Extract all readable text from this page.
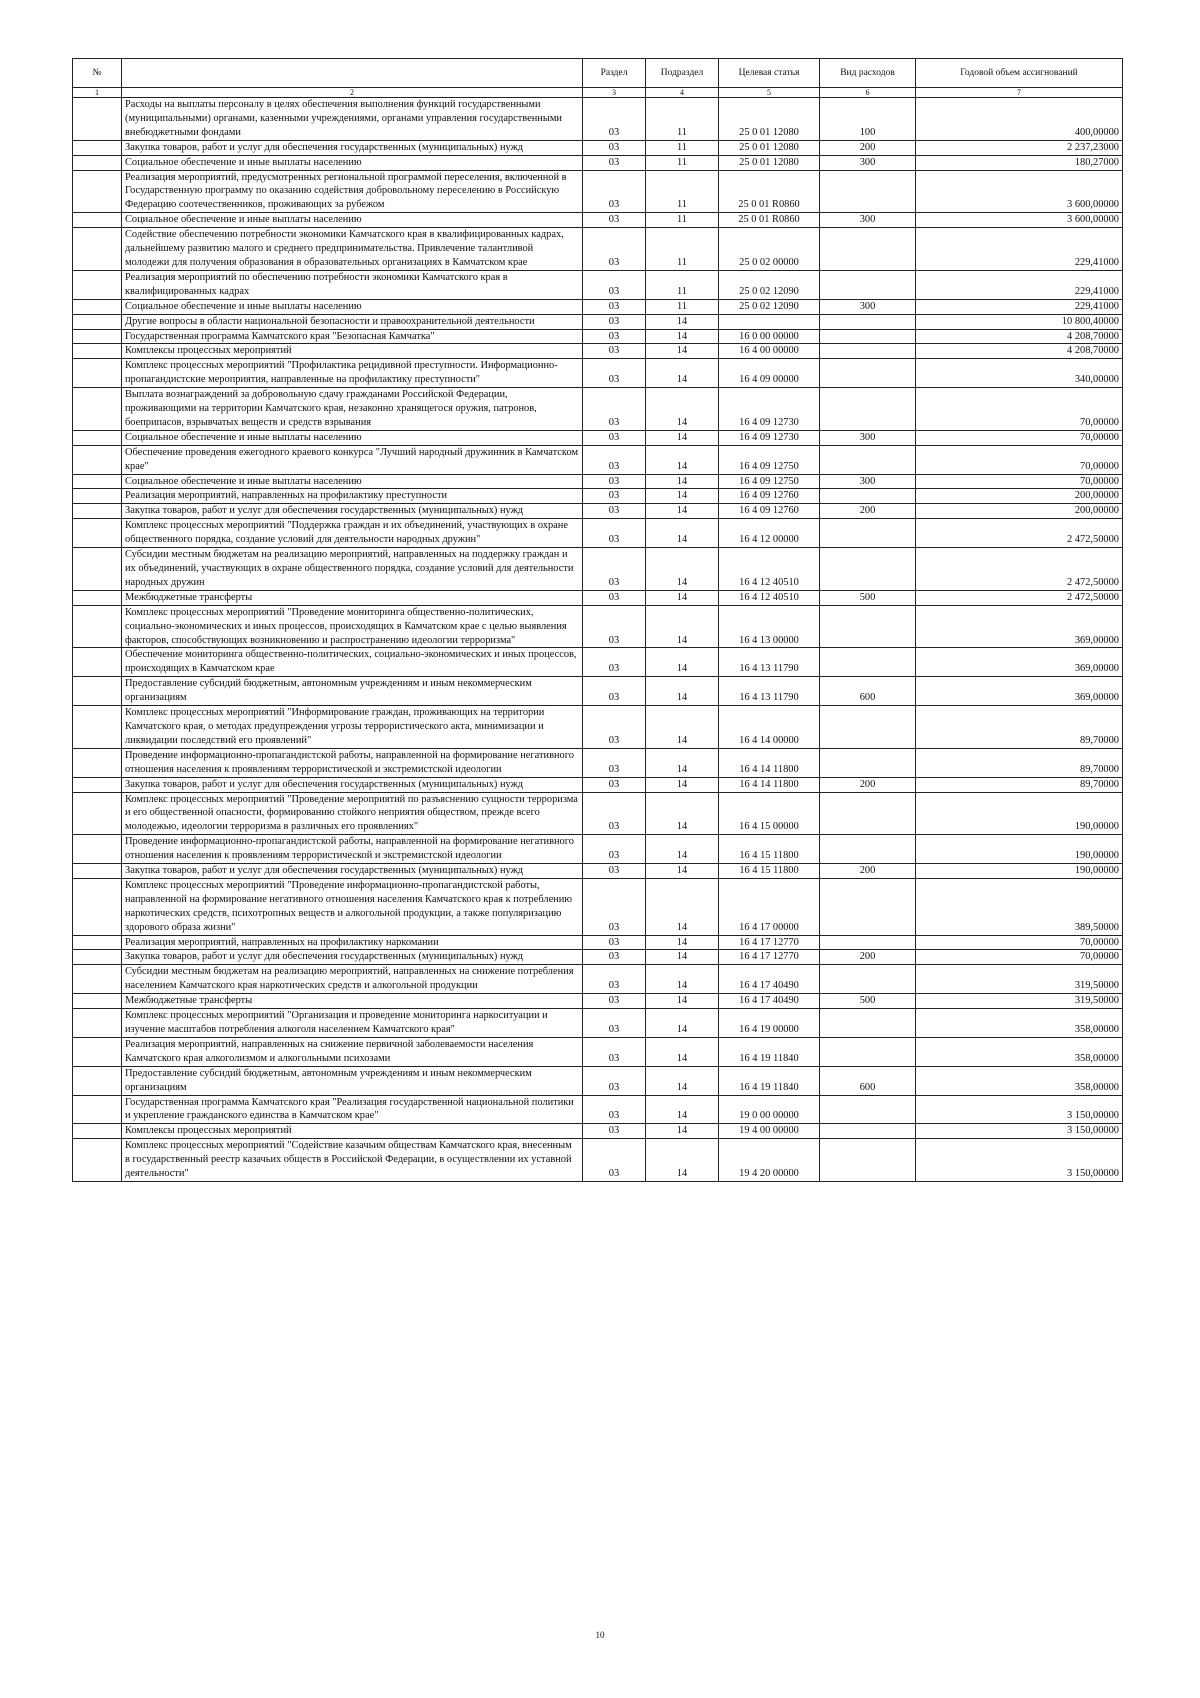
№		Раздел	Подраздел	Целевая статья	Вид расходов	Годовой объем ассигнований
1	2	3	4	5	6	7
	Расходы на выплаты персоналу в целях обеспечения выполнения функций государственными (муниципальными) органами, казенными учреждениями, органами управления государственными внебюджетными фондами	03	11	25 0 01 12080	100	400,00000
	Закупка товаров, работ и услуг для обеспечения государственных (муниципальных) нужд	03	11	25 0 01 12080	200	2 237,23000
	Социальное обеспечение и иные выплаты населению	03	11	25 0 01 12080	300	180,27000
	Реализация мероприятий, предусмотренных региональной программой переселения, включенной в Государственную программу по оказанию содействия добровольному переселению в Российскую Федерацию соотечественников, проживающих за рубежом	03	11	25 0 01 R0860		3 600,00000
	Социальное обеспечение и иные выплаты населению	03	11	25 0 01 R0860	300	3 600,00000
	Содействие обеспечению потребности экономики Камчатского края в квалифицированных кадрах, дальнейшему развитию малого и среднего предпринимательства. Привлечение талантливой молодежи для получения образования в образовательных организациях в Камчатском крае	03	11	25 0 02 00000		229,41000
	Реализация мероприятий по обеспечению потребности экономики Камчатского края в квалифицированных кадрах	03	11	25 0 02 12090		229,41000
	Социальное обеспечение и иные выплаты населению	03	11	25 0 02 12090	300	229,41000
	Другие вопросы в области национальной безопасности и правоохранительной деятельности	03	14			10 800,40000
	Государственная программа Камчатского края "Безопасная Камчатка"	03	14	16 0 00 00000		4 208,70000
	Комплексы процессных мероприятий	03	14	16 4 00 00000		4 208,70000
	Комплекс процессных мероприятий "Профилактика рецидивной преступности. Информационно-пропагандистские мероприятия, направленные на профилактику преступности"	03	14	16 4 09 00000		340,00000
	Выплата вознаграждений за добровольную сдачу гражданами Российской Федерации, проживающими на территории Камчатского края, незаконно хранящегося оружия, патронов, боеприпасов, взрывчатых веществ и средств взрывания	03	14	16 4 09 12730		70,00000
	Социальное обеспечение и иные выплаты населению	03	14	16 4 09 12730	300	70,00000
	Обеспечение проведения ежегодного краевого конкурса "Лучший народный дружинник в Камчатском крае"	03	14	16 4 09 12750		70,00000
	Социальное обеспечение и иные выплаты населению	03	14	16 4 09 12750	300	70,00000
	Реализация мероприятий, направленных на профилактику преступности	03	14	16 4 09 12760		200,00000
	Закупка товаров, работ и услуг для обеспечения государственных (муниципальных) нужд	03	14	16 4 09 12760	200	200,00000
	Комплекс процессных мероприятий "Поддержка граждан и их объединений, участвующих в охране общественного порядка, создание условий для деятельности народных дружин"	03	14	16 4 12 00000		2 472,50000
	Субсидии местным бюджетам на реализацию мероприятий, направленных на поддержку граждан и их объединений, участвующих в охране общественного порядка, создание условий для деятельности народных дружин	03	14	16 4 12 40510		2 472,50000
	Межбюджетные трансферты	03	14	16 4 12 40510	500	2 472,50000
	Комплекс процессных мероприятий "Проведение мониторинга общественно-политических, социально-экономических и иных процессов, происходящих в Камчатском крае с целью выявления факторов, способствующих возникновению и распространению идеологии терроризма"	03	14	16 4 13 00000		369,00000
	Обеспечение мониторинга общественно-политических, социально-экономических и иных процессов, происходящих в Камчатском крае	03	14	16 4 13 11790		369,00000
	Предоставление субсидий бюджетным, автономным учреждениям и иным некоммерческим организациям	03	14	16 4 13 11790	600	369,00000
	Комплекс процессных мероприятий "Информирование граждан, проживающих на территории Камчатского края, о методах предупреждения угрозы террористического акта, минимизации и ликвидации последствий его проявлений"	03	14	16 4 14 00000		89,70000
	Проведение информационно-пропагандистской работы, направленной на формирование негативного отношения населения к проявлениям террористической и экстремистской идеологии	03	14	16 4 14 11800		89,70000
	Закупка товаров, работ и услуг для обеспечения государственных (муниципальных) нужд	03	14	16 4 14 11800	200	89,70000
	Комплекс процессных мероприятий "Проведение мероприятий по разъяснению сущности терроризма и его общественной опасности, формированию стойкого неприятия обществом, прежде всего молодежью, идеологии терроризма в различных его проявлениях"	03	14	16 4 15 00000		190,00000
	Проведение информационно-пропагандистской работы, направленной на формирование негативного отношения населения к проявлениям террористической и экстремистской идеологии	03	14	16 4 15 11800		190,00000
	Закупка товаров, работ и услуг для обеспечения государственных (муниципальных) нужд	03	14	16 4 15 11800	200	190,00000
	Комплекс процессных мероприятий "Проведение информационно-пропагандистской работы, направленной на формирование негативного отношения населения Камчатского края к потреблению наркотических средств, психотропных веществ и алкогольной продукции, а также популяризацию здорового образа жизни"	03	14	16 4 17 00000		389,50000
	Реализация мероприятий, направленных на профилактику наркомании	03	14	16 4 17 12770		70,00000
	Закупка товаров, работ и услуг для обеспечения государственных (муниципальных) нужд	03	14	16 4 17 12770	200	70,00000
	Субсидии местным бюджетам на реализацию мероприятий, направленных на снижение потребления населением Камчатского края наркотических средств и алкогольной продукции	03	14	16 4 17 40490		319,50000
	Межбюджетные трансферты	03	14	16 4 17 40490	500	319,50000
	Комплекс процессных мероприятий "Организация и проведение мониторинга наркоситуации и изучение масштабов потребления алкоголя населением Камчатского края"	03	14	16 4 19 00000		358,00000
	Реализация мероприятий, направленных на снижение первичной заболеваемости населения Камчатского края алкоголизмом и алкогольными психозами	03	14	16 4 19 11840		358,00000
	Предоставление субсидий бюджетным, автономным учреждениям и иным некоммерческим организациям	03	14	16 4 19 11840	600	358,00000
	Государственная программа Камчатского края "Реализация государственной национальной политики и укрепление гражданского единства в Камчатском крае"	03	14	19 0 00 00000		3 150,00000
	Комплексы процессных мероприятий	03	14	19 4 00 00000		3 150,00000
	Комплекс процессных мероприятий "Содействие казачьим обществам Камчатского края, внесенным в государственный реестр казачьих обществ в Российской Федерации, в осуществлении их уставной деятельности"	03	14	19 4 20 00000		3 150,00000
10
